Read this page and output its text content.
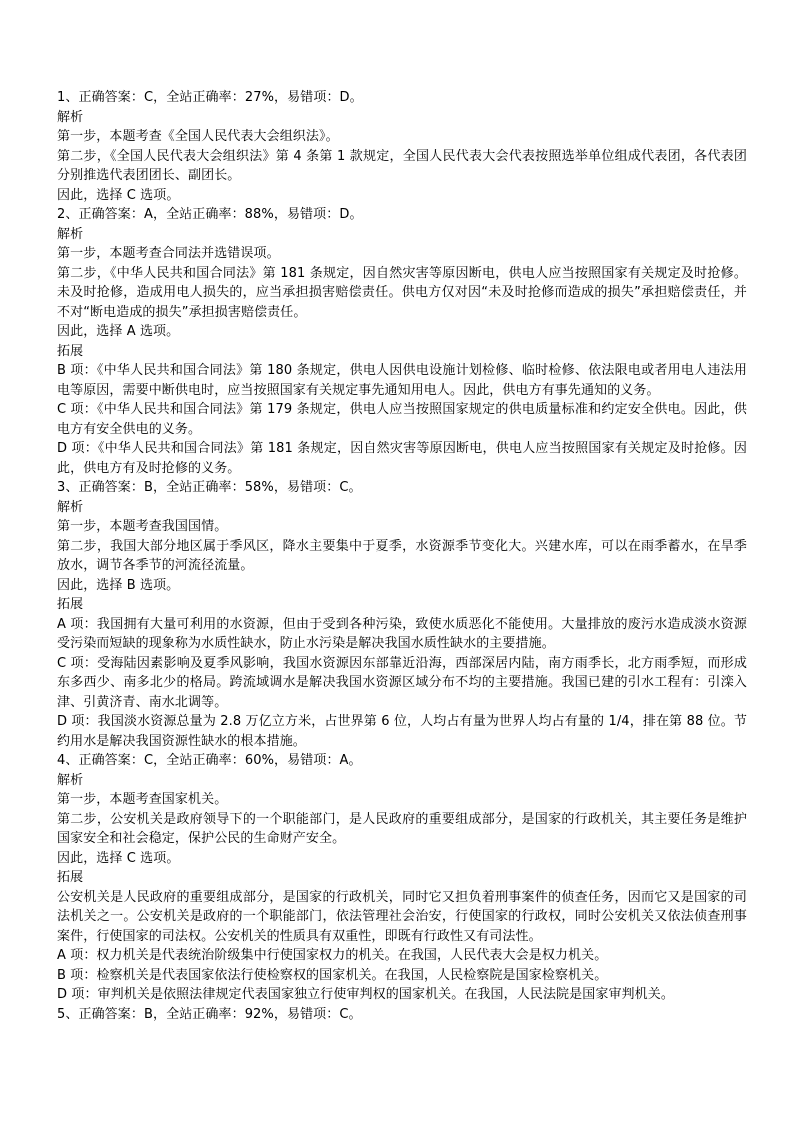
1、正确答案：C，全站正确率：27%，易错项：D。
解析
第一步，本题考查《全国人民代表大会组织法》。
第二步，《全国人民代表大会组织法》第 4 条第 1 款规定，全国人民代表大会代表按照选举单位组成代表团，各代表团分别推选代表团团长、副团长。
因此，选择 C 选项。
2、正确答案：A，全站正确率：88%，易错项：D。
解析
第一步，本题考查合同法并选错误项。
第二步，《中华人民共和国合同法》第 181 条规定，因自然灾害等原因断电，供电人应当按照国家有关规定及时抢修。未及时抢修，造成用电人损失的，应当承担损害赔偿责任。供电方仅对因“未及时抢修而造成的损失”承担赔偿责任，并不对“断电造成的损失”承担损害赔偿责任。
因此，选择 A 选项。
拓展
B 项：《中华人民共和国合同法》第 180 条规定，供电人因供电设施计划检修、临时检修、依法限电或者用电人违法用电等原因，需要中断供电时，应当按照国家有关规定事先通知用电人。因此，供电方有事先通知的义务。
C 项：《中华人民共和国合同法》第 179 条规定，供电人应当按照国家规定的供电质量标准和约定安全供电。因此，供电方有安全供电的义务。
D 项：《中华人民共和国合同法》第 181 条规定，因自然灾害等原因断电，供电人应当按照国家有关规定及时抢修。因此，供电方有及时抢修的义务。
3、正确答案：B，全站正确率：58%，易错项：C。
解析
第一步，本题考查我国国情。
第二步，我国大部分地区属于季风区，降水主要集中于夏季，水资源季节变化大。兴建水库，可以在雨季蓄水，在旱季放水，调节各季节的河流径流量。
因此，选择 B 选项。
拓展
A 项：我国拥有大量可利用的水资源，但由于受到各种污染，致使水质恶化不能使用。大量排放的废污水造成淡水资源受污染而短缺的现象称为水质性缺水，防止水污染是解决我国水质性缺水的主要措施。
C 项：受海陆因素影响及夏季风影响，我国水资源因东部靠近沿海，西部深居内陆，南方雨季长，北方雨季短，而形成东多西少、南多北少的格局。跨流域调水是解决我国水资源区域分布不均的主要措施。我国已建的引水工程有：引滦入津、引黄济青、南水北调等。
D 项：我国淡水资源总量为 2.8 万亿立方米，占世界第 6 位，人均占有量为世界人均占有量的 1/4，排在第 88 位。节约用水是解决我国资源性缺水的根本措施。
4、正确答案：C，全站正确率：60%，易错项：A。
解析
第一步，本题考查国家机关。
第二步，公安机关是政府领导下的一个职能部门，是人民政府的重要组成部分，是国家的行政机关，其主要任务是维护国家安全和社会稳定，保护公民的生命财产安全。
因此，选择 C 选项。
拓展
公安机关是人民政府的重要组成部分，是国家的行政机关，同时它又担负着刑事案件的侦查任务，因而它又是国家的司法机关之一。公安机关是政府的一个职能部门，依法管理社会治安，行使国家的行政权，同时公安机关又依法侦查刑事案件，行使国家的司法权。公安机关的性质具有双重性，即既有行政性又有司法性。
A 项：权力机关是代表统治阶级集中行使国家权力的机关。在我国，人民代表大会是权力机关。
B 项：检察机关是代表国家依法行使检察权的国家机关。在我国，人民检察院是国家检察机关。
D 项：审判机关是依照法律规定代表国家独立行使审判权的国家机关。在我国，人民法院是国家审判机关。
5、正确答案：B，全站正确率：92%，易错项：C。
